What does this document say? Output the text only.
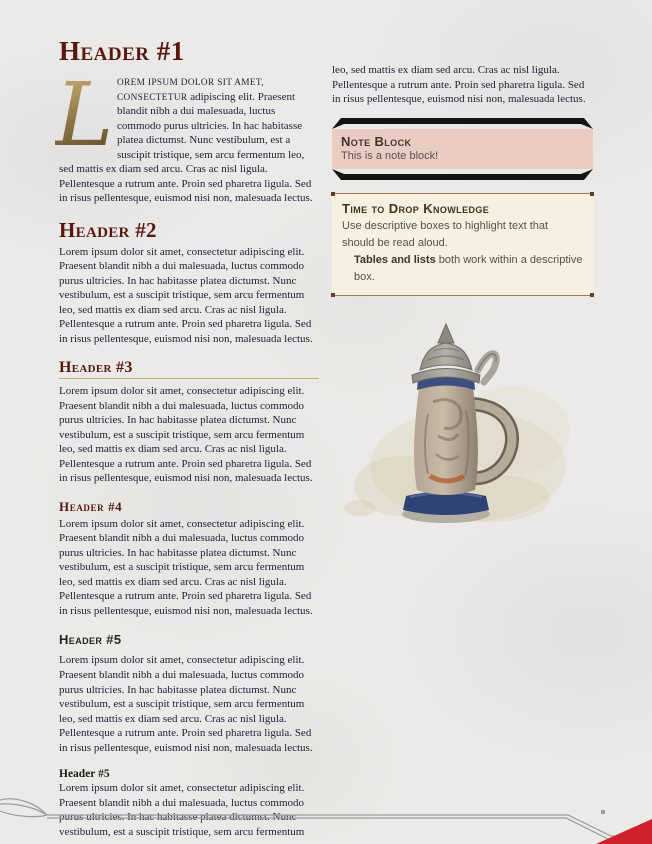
Header #1

L OREM IPSUM DOLOR SIT AMET, CONSECTETUR adipiscing elit. Praesent blandit nibh a dui malesuada, luctus commodo purus ultricies. In hac habitasse platea dictumst. Nunc vestibulum, est a suscipit tristique, sem arcu fermentum leo, sed mattis ex diam sed arcu. Cras ac nisl ligula. Pellentesque a rutrum ante. Proin sed pharetra ligula. Sed in risus pellentesque, euismod nisi non, malesuada lectus.

Header #2

Lorem ipsum dolor sit amet, consectetur adipiscing elit. Praesent blandit nibh a dui malesuada, luctus commodo purus ultricies. In hac habitasse platea dictumst. Nunc vestibulum, est a suscipit tristique, sem arcu fermentum leo, sed mattis ex diam sed arcu. Cras ac nisl ligula. Pellentesque a rutrum ante. Proin sed pharetra ligula. Sed in risus pellentesque, euismod nisi non, malesuada lectus.

Header #3

Lorem ipsum dolor sit amet, consectetur adipiscing elit. Praesent blandit nibh a dui malesuada, luctus commodo purus ultricies. In hac habitasse platea dictumst. Nunc vestibulum, est a suscipit tristique, sem arcu fermentum leo, sed mattis ex diam sed arcu. Cras ac nisl ligula. Pellentesque a rutrum ante. Proin sed pharetra ligula. Sed in risus pellentesque, euismod nisi non, malesuada lectus.

Header #4

Lorem ipsum dolor sit amet, consectetur adipiscing elit. Praesent blandit nibh a dui malesuada, luctus commodo purus ultricies. In hac habitasse platea dictumst. Nunc vestibulum, est a suscipit tristique, sem arcu fermentum leo, sed mattis ex diam sed arcu. Cras ac nisl ligula. Pellentesque a rutrum ante. Proin sed pharetra ligula. Sed in risus pellentesque, euismod nisi non, malesuada lectus.

Header #5

Lorem ipsum dolor sit amet, consectetur adipiscing elit. Praesent blandit nibh a dui malesuada, luctus commodo purus ultricies. In hac habitasse platea dictumst. Nunc vestibulum, est a suscipit tristique, sem arcu fermentum leo, sed mattis ex diam sed arcu. Cras ac nisl ligula. Pellentesque a rutrum ante. Proin sed pharetra ligula. Sed in risus pellentesque, euismod nisi non, malesuada lectus.

Header #5

Lorem ipsum dolor sit amet, consectetur adipiscing elit. Praesent blandit nibh a dui malesuada, luctus commodo purus ultricies. In hac habitasse platea dictumst. Nunc vestibulum, est a suscipit tristique, sem arcu fermentum

leo, sed mattis ex diam sed arcu. Cras ac nisl ligula. Pellentesque a rutrum ante. Proin sed pharetra ligula. Sed in risus pellentesque, euismod nisi non, malesuada lectus.

Note Block
This is a note block!
Time to Drop Knowledge
Use descriptive boxes to highlight text that should be read aloud.
Tables and lists both work within a descriptive box.
